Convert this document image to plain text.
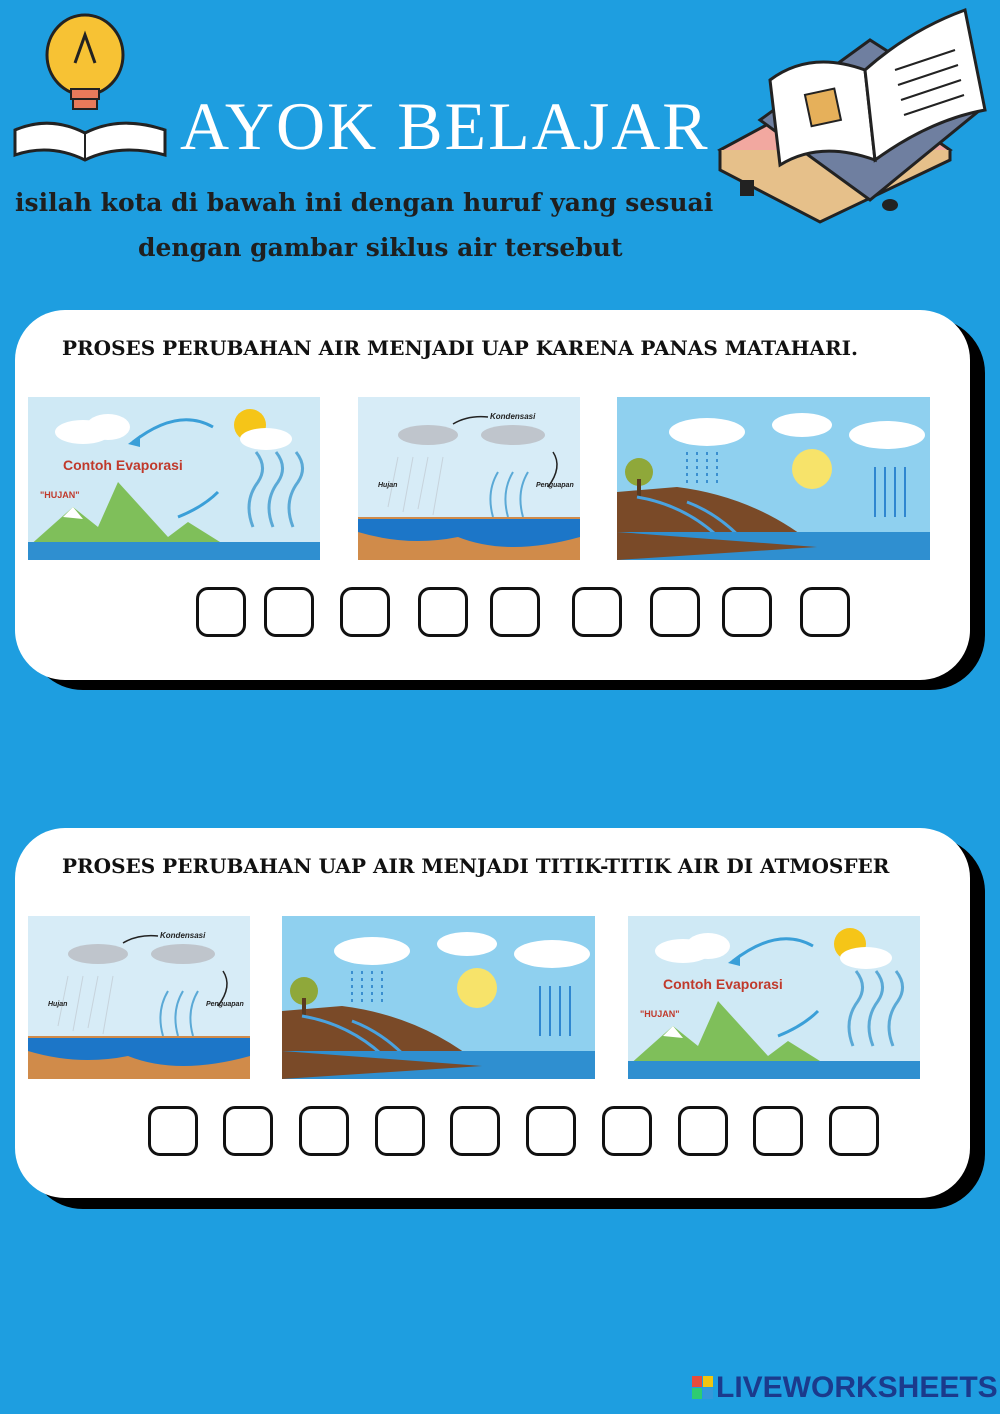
AYOK BELAJAR
isilah kota di bawah ini dengan huruf yang sesuai
dengan gambar siklus air tersebut
PROSES PERUBAHAN AIR MENJADI UAP KARENA PANAS MATAHARI.
Contoh Evaporasi
"HUJAN"
Kondensasi
Hujan	Penguapan
PROSES PERUBAHAN UAP AIR MENJADI TITIK-TITIK AIR DI ATMOSFER
Kondensasi
Hujan	Penguapan
Contoh Evaporasi
"HUJAN"
LIVEWORKSHEETS
